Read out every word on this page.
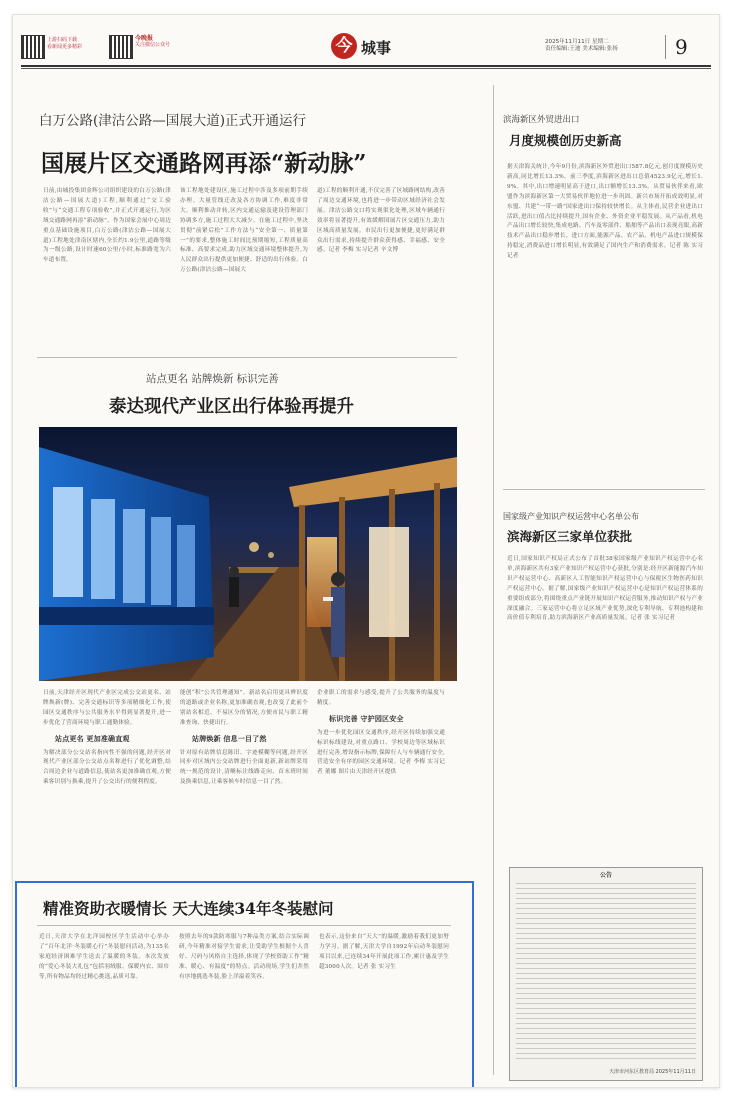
上游扫码下载
看新闻更多精彩
今晚报
关注微信公众号	今 城事	2025年11月11日 星期二
责任编辑:王迪 美术编辑:张扬	9
白万公路(津沽公路—国展大道)正式开通运行
国展片区交通路网再添“新动脉”
日前,由城投集团金辉公司组织建设的白万公路(津沽公路—国展大道)工程,顺利通过“交工验收”与“交通工程专项验收”,并正式开通运行,为区域交通路网再添“新动脉”。作为国家会展中心周边重点基础设施项目,白万公路(津沽公路—国展大道)工程地处津南区辖内,全长约1.9公里,道路等级为一级公路,设计时速60公里/小时,标准路宽为六车道布置。
该工程地处建设区,施工过程中涉及多项前期手续办理。大量管线迁改及各方协调工作,难度非常大。顺利推动并转,区内交通运输及建设管理部门协调多方,施工过程大大减少。在施工过程中,坚决贯彻“前紧后松”工作方法与“安全第一、质量第一”的要求,整体施工时间比预期缩短,工程质量高标准、高要求完成,助力区域交通环境整体提升,为人民群众出行提供更加便捷、舒适的出行体验。白万公路(津沽公路—国展大
道)工程的顺利开通,不仅完善了区域路网结构,改善了周边交通环境,也将进一步带动区域经济社会发展。津沽公路交口将实现渠化处理,区域车辆通行效率将显著提升,有效缓解国展片区交通压力,助力区域高质量发展。市民出行更加便捷,更好满足群众出行需求,持续提升群众获得感、幸福感、安全感。记者 李梅 实习记者 辛文博
站点更名 站牌焕新 标识完善
泰达现代产业区出行体验再提升
日前,天津经开区现代产业区完成公交站更名、站牌焕新(牌)、完善交通标识等多项精细化工作,使园区交通秩序与公共服务水平得到显著提升,进一步优化了营商环境与职工通勤体验。
站点更名 更加准确直观
为解决部分公交站名指向性不强的问题,经开区对现代产业区部分公交站点名称进行了优化调整,结合周边企业与道路信息,使站名更加准确直观,方便乘客识别与换乘,提升了公交出行的便利程度。
能创“积”公共管理通知”。新站名启用更具辨识度的道路或企业名称,更加准确直观,也改变了此前个别站名相近、不易区分的情况,方便市民与职工精准查询、快捷出行。
站牌焕新 信息一目了然
针对原有站牌信息陈旧、字迹模糊等问题,经开区同步对区域内公交站牌进行全面更新,新站牌采用统一规范的设计,清晰标注线路走向、首末班时间及换乘信息,让乘客候车时信息一目了然。
企业职工的需求与感受,提升了公共服务的温度与精度。
标识完善 守护园区安全
为进一步优化园区交通秩序,经开区持续加强交通标识标线建设,对重点路口、学校周边等区域标识进行完善,增设指示标牌,保障行人与车辆通行安全,营造安全有序的园区交通环境。记者 李梅 实习记者 董娜 图片由天津经开区提供
精准资助衣暖情长 天大连续34年冬装慰问
近日,天津大学在北洋园校区学生活动中心举办了“百年北洋·冬装暖心行”冬装慰问活动,为135名家庭经济困难学生送去了温暖的冬装。本次发放的“爱心冬装大礼包”包括羽绒服、保暖内衣、围巾等,所有物品均经过精心挑选,品质可靠。
按照去年的9款防寒服与7种品类方案,结合实际调研,今年精准对接学生需求,让受助学生根据个人喜好、尺码与风格自主选择,体现了学校资助工作“精准、暖心、有温度”的特点。活动现场,学生们井然有序地挑选冬装,脸上洋溢着笑容。
也表示,这份来自“天大”的温暖,激励着我们更加努力学习。据了解,天津大学自1992年启动冬装慰问项目以来,已连续34年开展此项工作,累计惠及学生超3000人次。记者 张 实习生
滨海新区外贸进出口
月度规模创历史新高
据天津海关统计,今年9月份,滨海新区外贸进出口587.8亿元,创月度规模历史新高,同比增长13.3%。前三季度,滨海新区进出口总值4523.9亿元,增长1.9%。其中,出口增速明显高于进口,出口额增长13.3%。从贸易伙伴来看,欧盟作为滨海新区第一大贸易伙伴地位进一步巩固。新兴市场开拓成效明显,对东盟、共建“一带一路”国家进出口保持较快增长。从主体看,民营企业进出口活跃,进出口值占比持续提升,国有企业、外资企业平稳发展。从产品看,机电产品出口增长较快,集成电路、汽车及零部件、船舶等产品出口表现亮眼,高新技术产品出口稳步增长。进口方面,能源产品、农产品、机电产品进口规模保持稳定,消费品进口增长明显,有效满足了国内生产和消费需求。记者 陈 实习记者
国家级产业知识产权运营中心名单公布
滨海新区三家单位获批
近日,国家知识产权局正式公布了首批38家国家级产业知识产权运营中心名单,滨海新区共有3家产业知识产权运营中心获批,分别是:经开区新能源汽车知识产权运营中心、高新区人工智能知识产权运营中心与保税区生物医药知识产权运营中心。据了解,国家级产业知识产权运营中心是知识产权运营体系的重要组成部分,将围绕重点产业链开展知识产权运营服务,推动知识产权与产业深度融合。三家运营中心将立足区域产业优势,深化专利导航、专利池构建和高价值专利培育,助力滨海新区产业高质量发展。记者 张 实习记者
公告
天津市河东区教育局 2025年11月11日
